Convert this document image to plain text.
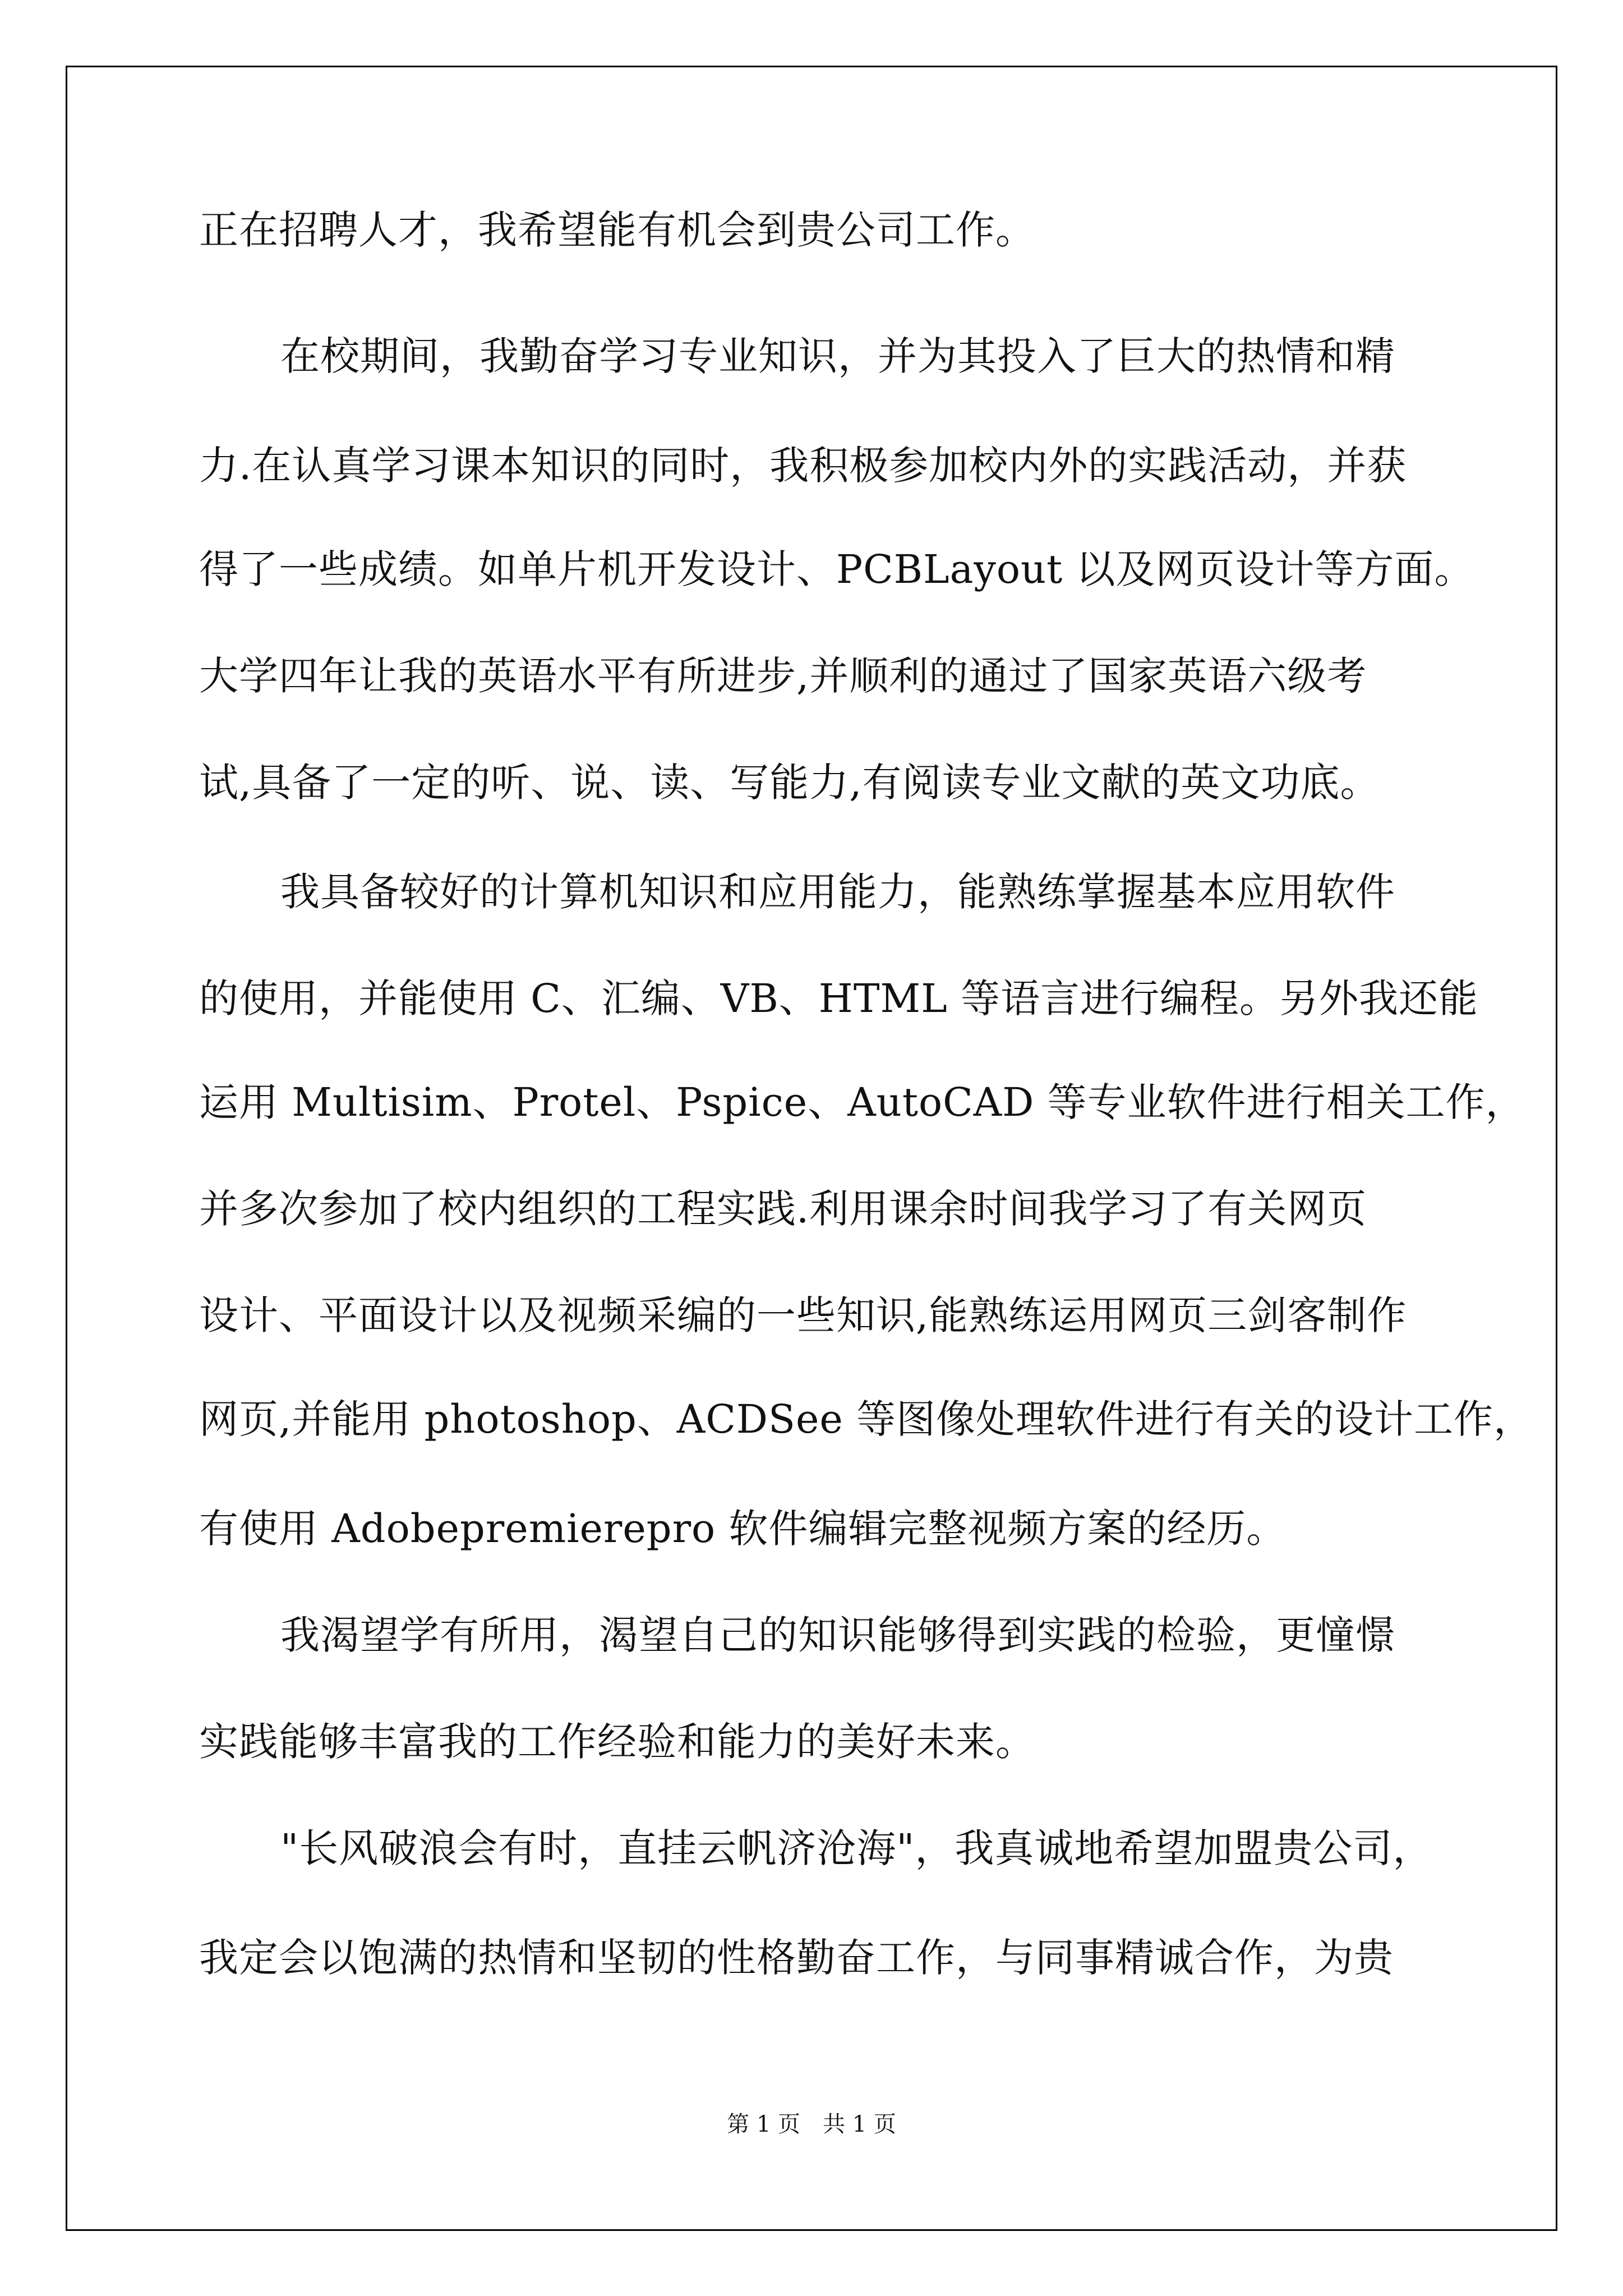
正在招聘人才，我希望能有机会到贵公司工作。
在校期间，我勤奋学习专业知识，并为其投入了巨大的热情和精
力.在认真学习课本知识的同时，我积极参加校内外的实践活动，并获
得了一些成绩。如单片机开发设计、PCBLayout 以及网页设计等方面。
大学四年让我的英语水平有所进步,并顺利的通过了国家英语六级考
试,具备了一定的听、说、读、写能力,有阅读专业文献的英文功底。
我具备较好的计算机知识和应用能力，能熟练掌握基本应用软件
的使用，并能使用 C、汇编、VB、HTML 等语言进行编程。另外我还能
运用 Multisim、Protel、Pspice、AutoCAD 等专业软件进行相关工作，
并多次参加了校内组织的工程实践.利用课余时间我学习了有关网页
设计、平面设计以及视频采编的一些知识,能熟练运用网页三剑客制作
网页,并能用 photoshop、ACDSee 等图像处理软件进行有关的设计工作，
有使用 Adobepremierepro 软件编辑完整视频方案的经历。
我渴望学有所用，渴望自己的知识能够得到实践的检验，更憧憬
实践能够丰富我的工作经验和能力的美好未来。
"长风破浪会有时，直挂云帆济沧海"，我真诚地希望加盟贵公司，
我定会以饱满的热情和坚韧的性格勤奋工作，与同事精诚合作，为贵
第 1 页　共 1 页
